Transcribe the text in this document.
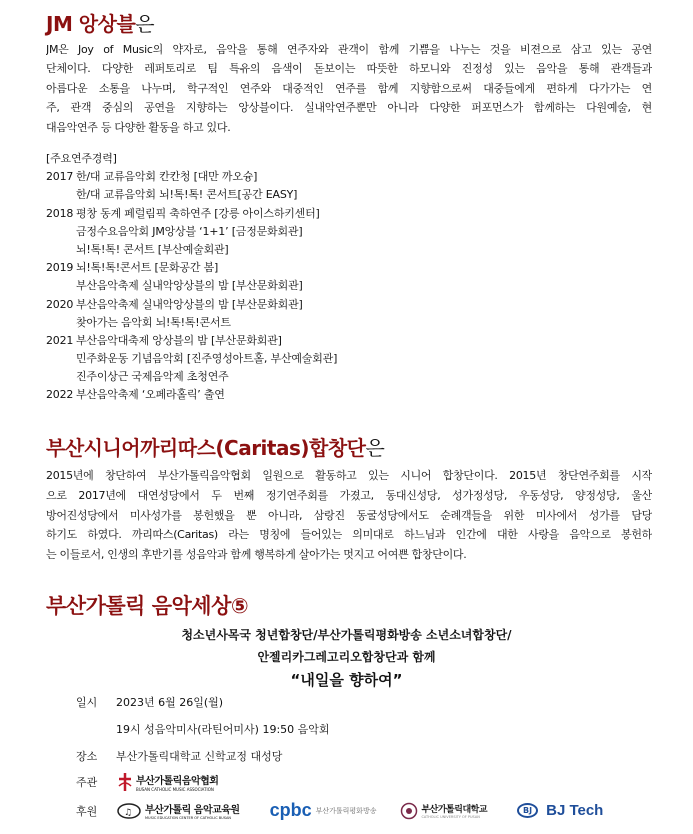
JM 앙상블은
JM은 Joy of Music의 약자로, 음악을 통해 연주자와 관객이 함께 기쁨을 나누는 것을 비젼으로 삼고 있는 공연
단체이다. 다양한 레퍼토리로 팀 특유의 음색이 돋보이는 따뜻한 하모니와 진정성 있는 음악을 통해 관객들과
아름다운 소통을 나누며, 학구적인 연주와 대중적인 연주를 함께 지향함으로써 대중들에게 편하게 다가가는 연
주, 관객 중심의 공연을 지향하는 앙상블이다. 실내악연주뿐만 아니라 다양한 퍼포먼스가 함께하는 다원예술, 현
대음악연주 등 다양한 활동을 하고 있다.
[주요연주경력]
2017 한/대 교류음악회 칸칸청 [대만 까오슝]
한/대 교류음악회 뇌!톡!톡! 콘서트[공간 EASY]
2018 평창 동계 페럴림픽 축하연주 [강릉 아이스하키센터]
금정수요음악회 JM앙상블 ‘1+1’ [금정문화회관]
뇌!톡!톡! 콘서트 [부산예술회관]
2019 뇌!톡!톡!콘서트 [문화공간 봄]
부산음악축제 실내악앙상블의 밤 [부산문화회관]
2020 부산음악축제 실내악앙상블의 밤 [부산문화회관]
찾아가는 음악회 뇌!톡!톡!콘서트
2021 부산음악대축제 앙상블의 밤 [부산문화회관]
민주화운동 기념음악회 [진주영성아트홀, 부산예술회관]
진주이상근 국제음악제 초청연주
2022 부산음악축제 ‘오페라홀릭’ 출연
부산시니어까리따스(Caritas)합창단은
2015년에 창단하여 부산가톨릭음악협회 일원으로 활동하고 있는 시니어 합창단이다. 2015년 창단연주회를 시작
으로 2017년에 대연성당에서 두 번째 정기연주회를 가졌고, 동대신성당, 성가정성당, 우동성당, 양정성당, 울산
방어진성당에서 미사성가를 봉헌했을 뿐 아니라, 삼랑진 동굴성당에서도 순례객들을 위한 미사에서 성가를 담당
하기도 하였다. 까리따스(Caritas) 라는 명칭에 들어있는 의미대로 하느님과 인간에 대한 사랑을 음악으로 봉헌하
는 이들로서, 인생의 후반기를 성음악과 함께 행복하게 살아가는 멋지고 어여쁜 합창단이다.
부산가톨릭 음악세상⑤
청소년사목국 청년합창단/부산가톨릭평화방송 소년소녀합창단/
안젤리카그레고리오합창단과 함께
“내일을 향하여”
일시	2023년 6월 26일(월)
19시 성음악미사(라틴어미사) 19:50 음악회
장소	부산가톨릭대학교 신학교정 대성당
주관	부산가톨릭음악협회
BUSAN CATHOLIC MUSIC ASSOCIATION
후원	♫ 부산가톨릭 음악교육원
MUSIC EDUCATION CENTER OF CATHOLIC BUSAN	cpbc 부산가톨릭평화방송	부산가톨릭대학교
CATHOLIC UNIVERSITY OF PUSAN
BJ BJ Tech
